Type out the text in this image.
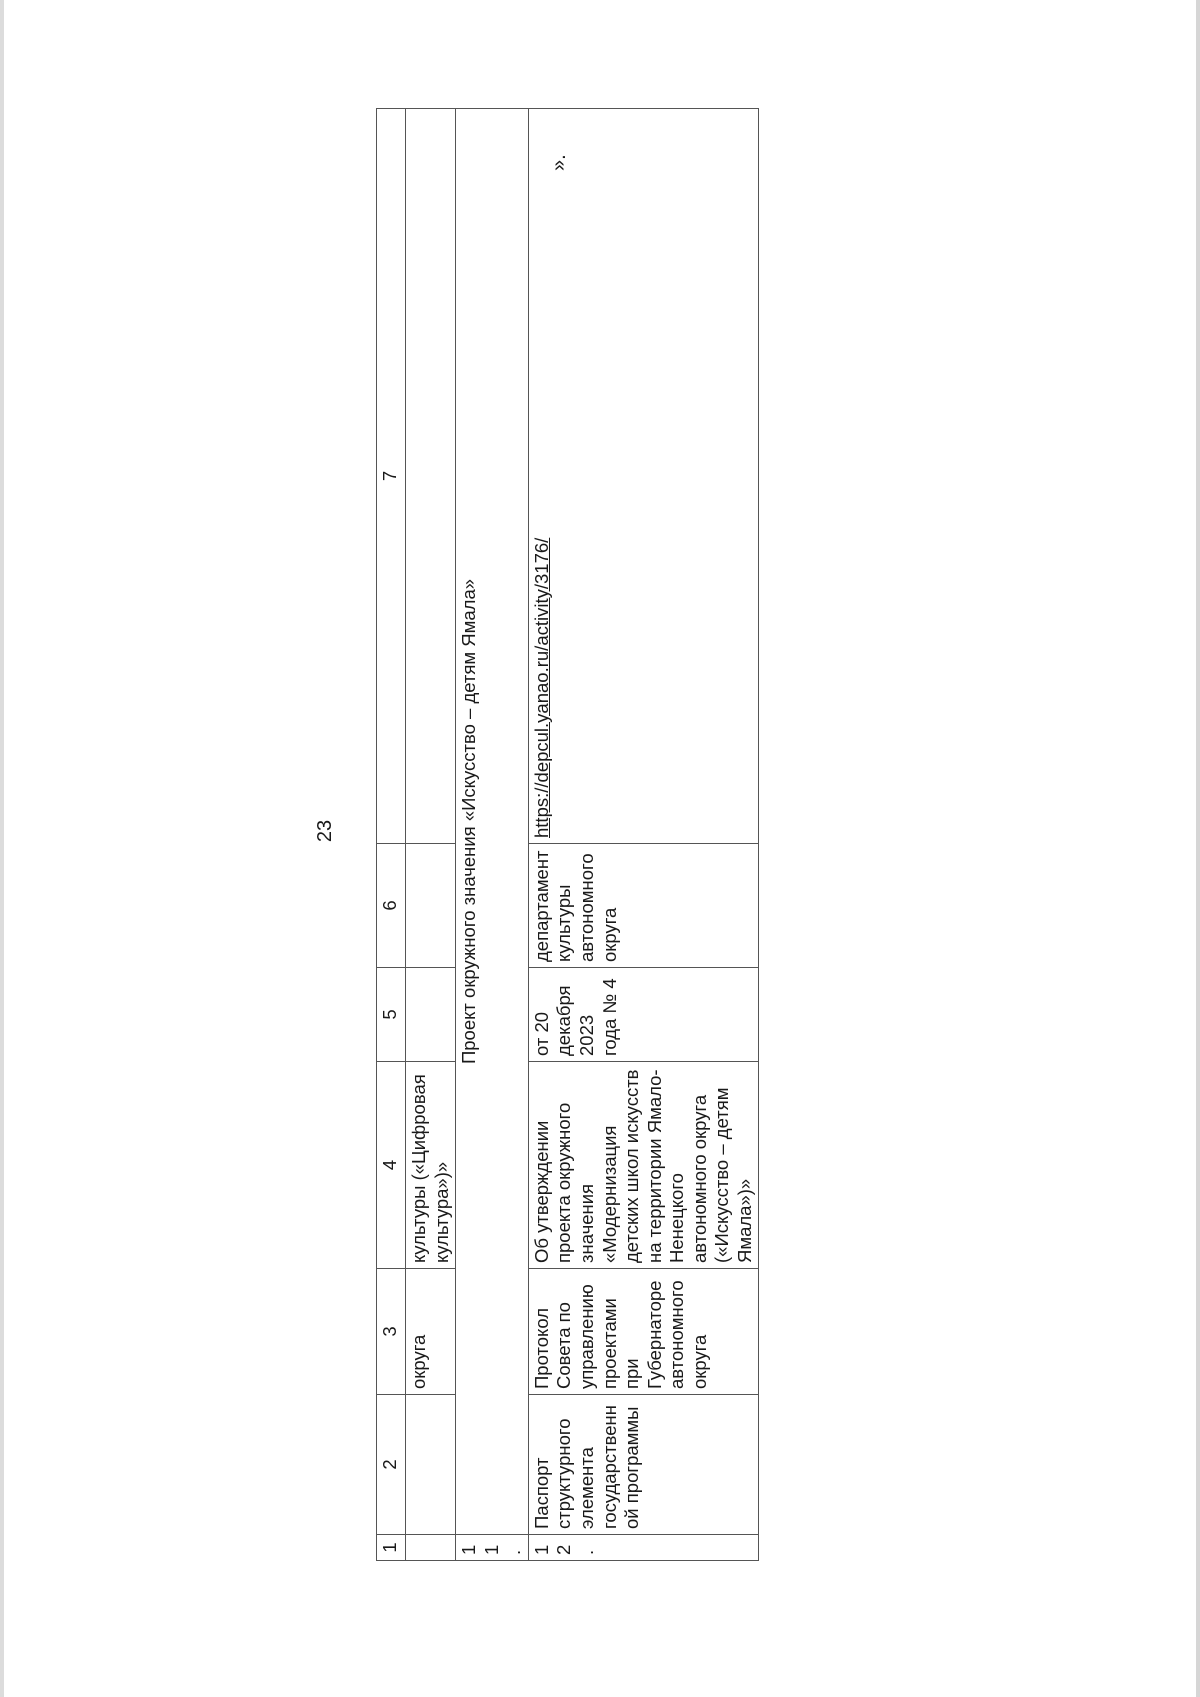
23
1	2	3	4	5	6	7
		округа	культуры («Цифровая культура»)»			
11.	Проект окружного значения «Искусство – детям Ямала»					
12.	Паспорт структурного элемента государственной программы	Протокол Совета по управлению проектами при Губернаторе автономного округа	Об утверждении проекта окружного значения «Модернизация детских школ искусств на территории Ямало-Ненецкого автономного округа («Искусство – детям Ямала»)»	от 20 декабря 2023 года № 4	департамент культуры автономного округа	https://depcul.yanao.ru/activity/3176/
».
